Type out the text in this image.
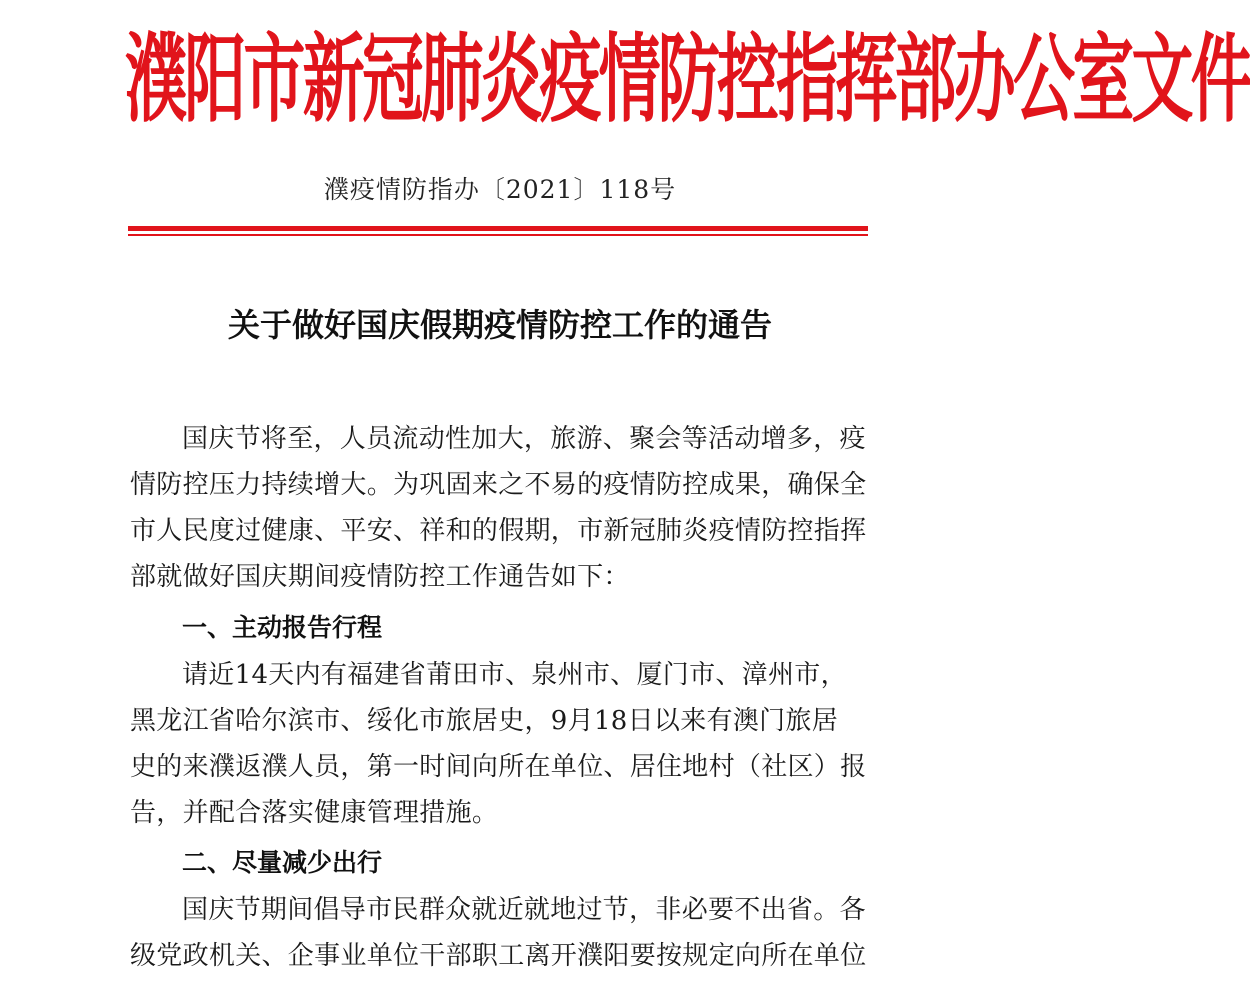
濮阳市新冠肺炎疫情防控指挥部办公室文件
濮疫情防指办〔2021〕118号
关于做好国庆假期疫情防控工作的通告
国庆节将至，人员流动性加大，旅游、聚会等活动增多，疫
情防控压力持续增大。为巩固来之不易的疫情防控成果，确保全
市人民度过健康、平安、祥和的假期，市新冠肺炎疫情防控指挥
部就做好国庆期间疫情防控工作通告如下：
一、主动报告行程
请近14天内有福建省莆田市、泉州市、厦门市、漳州市，
黑龙江省哈尔滨市、绥化市旅居史，9月18日以来有澳门旅居
史的来濮返濮人员，第一时间向所在单位、居住地村（社区）报
告，并配合落实健康管理措施。
二、尽量减少出行
国庆节期间倡导市民群众就近就地过节，非必要不出省。各
级党政机关、企事业单位干部职工离开濮阳要按规定向所在单位
